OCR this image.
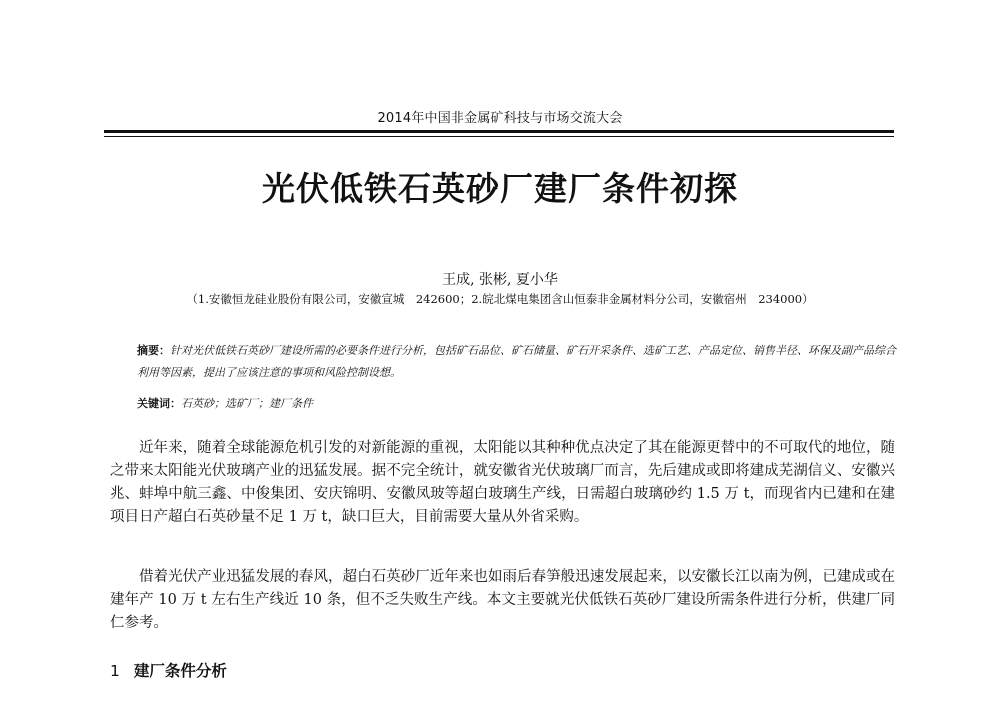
2014年中国非金属矿科技与市场交流大会
光伏低铁石英砂厂建厂条件初探
王成, 张彬, 夏小华
（1.安徽恒龙硅业股份有限公司，安徽宣城　242600；2.皖北煤电集团含山恒泰非金属材料分公司，安徽宿州　234000）
摘要：针对光伏低铁石英砂厂建设所需的必要条件进行分析，包括矿石品位、矿石储量、矿石开采条件、选矿工艺、产品定位、销售半径、环保及副产品综合利用等因素，提出了应该注意的事项和风险控制设想。
关键词：石英砂；选矿厂；建厂条件

近年来，随着全球能源危机引发的对新能源的重视，太阳能以其种种优点决定了其在能源更替中的不可取代的地位，随之带来太阳能光伏玻璃产业的迅猛发展。据不完全统计，就安徽省光伏玻璃厂而言，先后建成或即将建成芜湖信义、安徽兴兆、蚌埠中航三鑫、中俊集团、安庆锦明、安徽凤玻等超白玻璃生产线，日需超白玻璃砂约 1.5 万 t，而现省内已建和在建项目日产超白石英砂量不足 1 万 t，缺口巨大，目前需要大量从外省采购。

借着光伏产业迅猛发展的春风，超白石英砂厂近年来也如雨后春笋般迅速发展起来，以安徽长江以南为例，已建成或在建年产 10 万 t 左右生产线近 10 条，但不乏失败生产线。本文主要就光伏低铁石英砂厂建设所需条件进行分析，供建厂同仁参考。

1 建厂条件分析
